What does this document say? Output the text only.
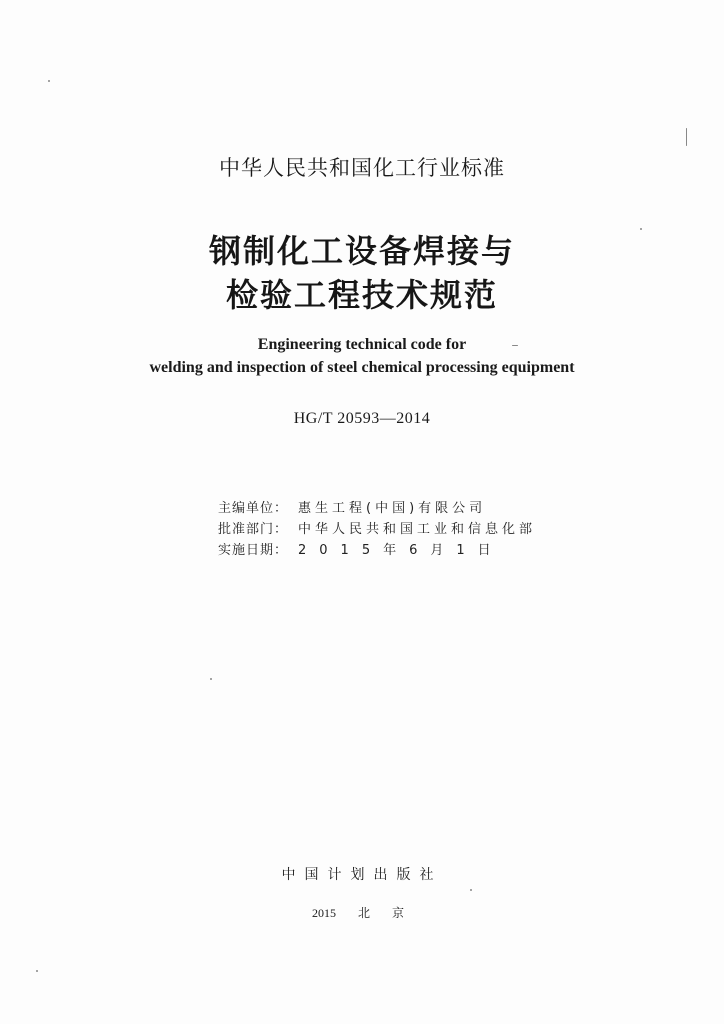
中华人民共和国化工行业标准
钢制化工设备焊接与
检验工程技术规范
Engineering technical code for
welding and inspection of steel chemical processing equipment
HG/T 20593—2014
主编单位： 惠生工程(中国)有限公司
批准部门： 中华人民共和国工业和信息化部
实施日期： 2015年6月1日
中国计划出版社
2015 北京
